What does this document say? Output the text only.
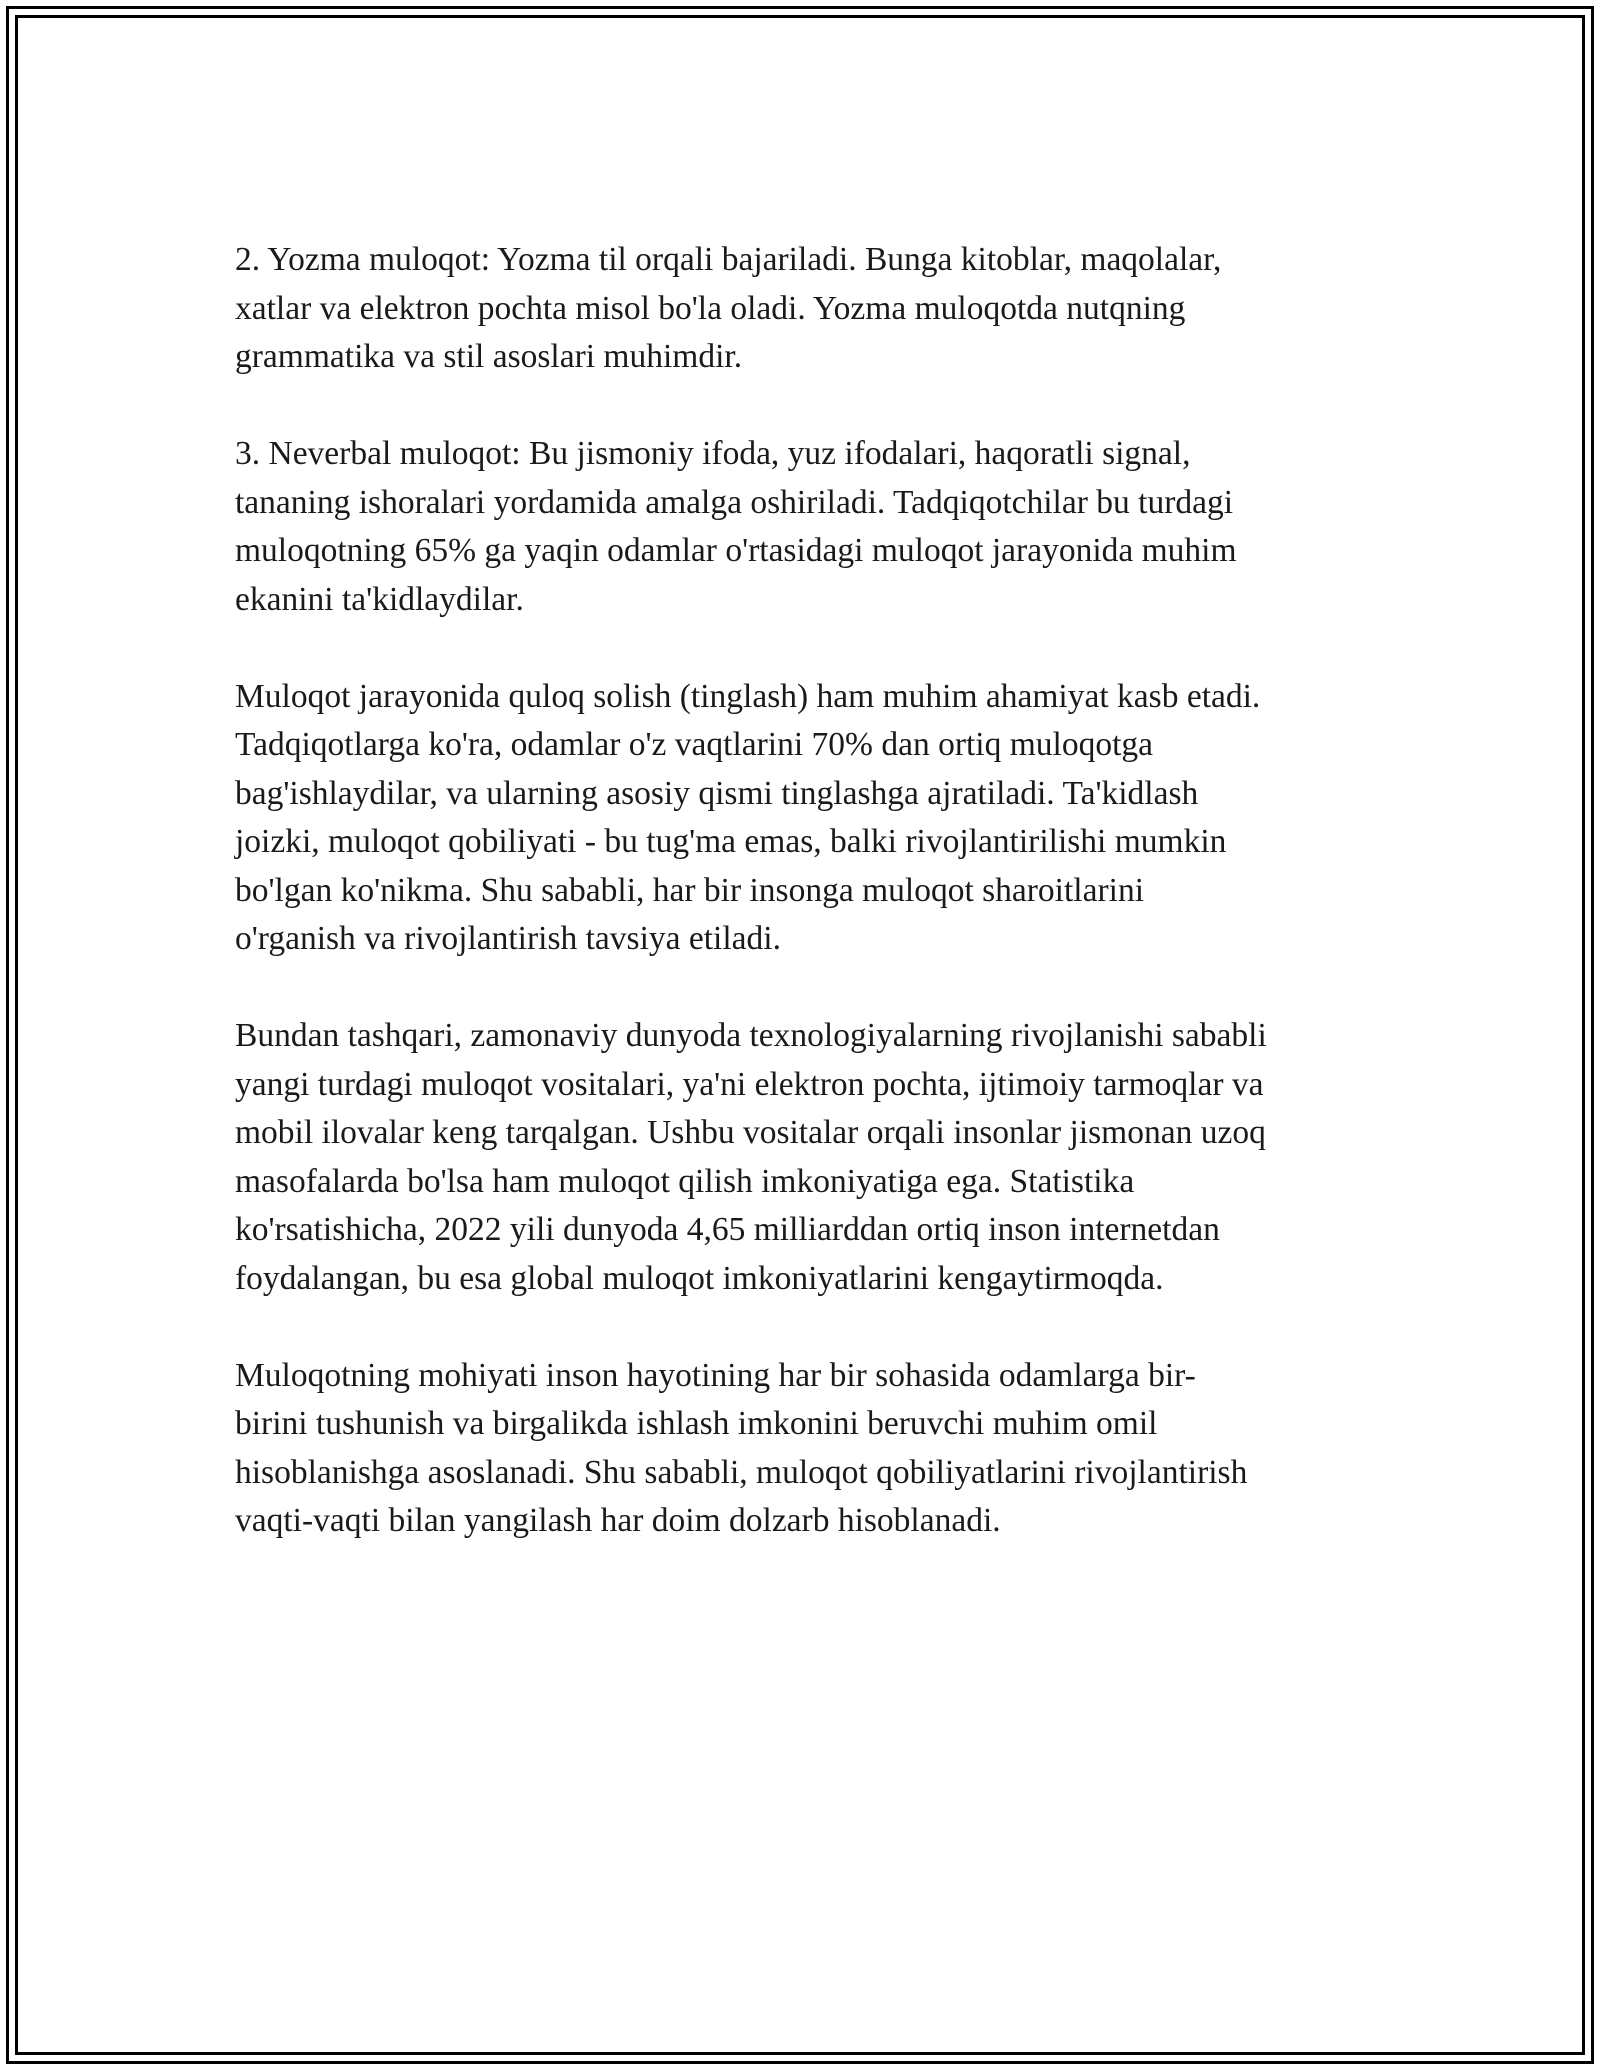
2. Yozma muloqot: Yozma til orqali bajariladi. Bunga kitoblar, maqolalar,
xatlar va elektron pochta misol bo'la oladi. Yozma muloqotda nutqning
grammatika va stil asoslari muhimdir.

3. Neverbal muloqot: Bu jismoniy ifoda, yuz ifodalari, haqoratli signal,
tananing ishoralari yordamida amalga oshiriladi. Tadqiqotchilar bu turdagi
muloqotning 65% ga yaqin odamlar o'rtasidagi muloqot jarayonida muhim
ekanini ta'kidlaydilar.

Muloqot jarayonida quloq solish (tinglash) ham muhim ahamiyat kasb etadi.
Tadqiqotlarga ko'ra, odamlar o'z vaqtlarini 70% dan ortiq muloqotga
bag'ishlaydilar, va ularning asosiy qismi tinglashga ajratiladi. Ta'kidlash
joizki, muloqot qobiliyati - bu tug'ma emas, balki rivojlantirilishi mumkin
bo'lgan ko'nikma. Shu sababli, har bir insonga muloqot sharoitlarini
o'rganish va rivojlantirish tavsiya etiladi.

Bundan tashqari, zamonaviy dunyoda texnologiyalarning rivojlanishi sababli
yangi turdagi muloqot vositalari, ya'ni elektron pochta, ijtimoiy tarmoqlar va
mobil ilovalar keng tarqalgan. Ushbu vositalar orqali insonlar jismonan uzoq
masofalarda bo'lsa ham muloqot qilish imkoniyatiga ega. Statistika
ko'rsatishicha, 2022 yili dunyoda 4,65 milliarddan ortiq inson internetdan
foydalangan, bu esa global muloqot imkoniyatlarini kengaytirmoqda.

Muloqotning mohiyati inson hayotining har bir sohasida odamlarga bir-
birini tushunish va birgalikda ishlash imkonini beruvchi muhim omil
hisoblanishga asoslanadi. Shu sababli, muloqot qobiliyatlarini rivojlantirish
vaqti-vaqti bilan yangilash har doim dolzarb hisoblanadi.
